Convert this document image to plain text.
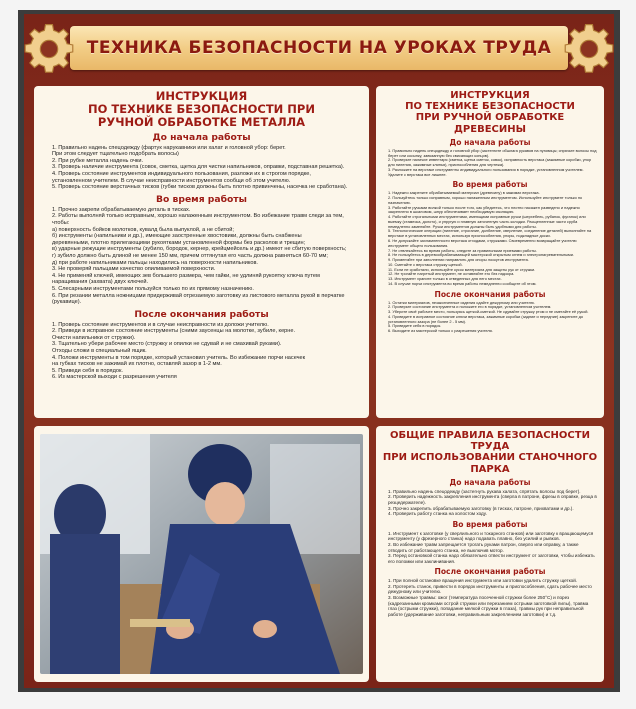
ТЕХНИКА БЕЗОПАСНОСТИ НА УРОКАХ ТРУДА
ИНСТРУКЦИЯ
ПО ТЕХНИКЕ БЕЗОПАСНОСТИ ПРИ
РУЧНОЙ ОБРАБОТКЕ МЕТАЛЛА
До начала работы
1. Правильно надень спецодежду (фартук нарукавники или халат и головной убор: берет.
При этом следует тщательно подобрать волосы)
2. При рубке металла надень очки.
3. Проверь наличие инструмента (совок, сметка, щетка для чистки напильников, оправки, подставная решетка).
4. Проверь состояние инструментов индивидуального пользования, разложи их в строгом порядке,
установленном учителем. В случае неисправности инструментов сообщи об этом учителю.
5. Проверь состояние верстачных тисков (губки тисков должны быть плотно привинчены, насечка не сработана).
Во время работы
1. Прочно закрепи обрабатываемую деталь в тисках.
2. Работы выполняй только исправным, хорошо налаженным инструментом. Во избежание травм следи за тем, чтобы:
а) поверхность бойков молотков, кувалд была выпуклой, а не сбитой;
б) инструменты (напильники и др.), имеющие заостренные хвостовики, должны быть снабжены
деревянными, плотно прилегающими рукоятками установленной формы без расколов и трещин;
в) ударные режущие инструменты (зубило, бородок, кернер, крейцмейсель и др.) имеют не сбитую поверхность;
г) зубило должно быть длиной не менее 150 мм, причем оттянутая его часть должна равняться 60-70 мм;
д) при работе напильниками пальцы находились на поверхности напильников.
3. Не проверяй пальцами качество опиливаемой поверхности.
4. Не применяй ключей, имеющих зев большего размера, чем гайки, не удлиняй рукоятку ключа путем
наращивания (захвата) двух ключей.
5. Слесарными инструментами пользуйся только по их прямому назначению.
6. При резании металла ножницами придерживай отрезаемую заготовку из листового металла рукой в перчатке (рукавице).
После окончания работы
1. Проверь состояние инструментов и в случае неисправности из доложи учителю.
2. Приведи в исправное состояние инструменты (сними заусенцы на молотке, зубиле, керне.
Очисти напильники от стружки).
3. Тщательно убери рабочее место (стружку и опилки не сдувай и не смахивай руками).
Отходы сложи в специальный ящик.
4. Положи инструменты в том порядке, который установил учитель. Во избежание порчи насечек
на губках тисков не зажимай их плотно, оставляй зазор в 1-2 мм.
5. Приведи себя в порядок.
6. Из мастерской выходи с разрешения учителя
ИНСТРУКЦИЯ
ПО ТЕХНИКЕ БЕЗОПАСНОСТИ
ПРИ РУЧНОЙ ОБРАБОТКЕ ДРЕВЕСИНЫ
До начала работы
1. Правильно надень спецодежду и головной убор (застегните обшлага рукавов на пуговицы; спрячьте волосы под берет или косынку, завязанную без свисающих концов).
2. Проверьте наличие инвентаря (сметка, щетка сметок, совок), исправность верстака (зажимные коробки, упор для пиления, зажимные клинья), приспособления для чертежа).
3. Разложите на верстаке инструменты индивидуального пользования в порядке, установленном учителем. Удалите с верстака все лишнее.
Во время работы
1. Надежно закрепите обрабатываемый материал (древесину) в зажимах верстака.
2. Пользуйтесь только исправным, хорошо налаженным инструментом. Используйте инструмент только по назначению.
3. Работайте ручками вилкой только после того, как убедитесь, что плотно насажен разведено и надежно закреплено в шкаловом, шнур обеспечивает необходимую изоляцию.
4. Работайте строгальными инструментами, имеющими исправные ручки (шерхебель, рубанок, фуганок) или выемку (стамеска, долото), и упругую и плавную заточенную часть колодки. Расщепленные части сруба немедленно заменяйте. Ручки инструментов должны быть удобными для работы.
5. Технологические операции (пиление, строгание, долбление, сверление, соединение деталей) выполняйте на верстаке в установленных местах, используя приспособления, упоры, подкладные доски.
6. Не допускайте захламленности верстака отходами, стружками. Своевременно возвращайте учителю инструмент общего пользования.
7. Не отвлекайтесь во время работы, следите за правильными приемами работы.
8. Не пользуйтесь в деревообрабатывающей мастерской открытым огнем и электронагревательными.
9. Применяйте при заполнении направлять для опоры лоскутов инструмента.
10. Сметайте с верстака стружку щеткой.
11. Если не сработали, используйте кусок материала для защиты рук от стружки.
12. Не трогайте нагретый инструмент, не оставляйте его без надзора.
13. Инструмент храните только в отведенных для него местах.
14. В случае порчи инструмента во время работы немедленно сообщите об этом.
После окончания работы
1. Остатки материалов, незаконченные изделия сдайте дежурному или учителю.
2. Проверьте состояние инструмента и положите его в порядке, установленном учителем.
3. Уберите своё рабочее место, пользуясь щеткой-сметкой. Не сдувайте стружку ртом и не сметайте её рукой.
4. Приведите в исправное состояние ключи верстака, зажимные коробки (задние и передние) закрепите до установленного зазора (не более 2 - 5 мм).
5. Приведите себя в порядок.
6. Выходите из мастерской только с разрешения учителя.
ОБЩИЕ ПРАВИЛА БЕЗОПАСНОСТИ ТРУДА
ПРИ ИСПОЛЬЗОВАНИИ СТАНОЧНОГО ПАРКА
До начала работы
1. Правильно надень спецодежду (застегнуть рукава халата, спрятать волосы под берет).
2. Проверить надежность закрепления инструмента (сверла в патроне, фрезы в оправке, резца в резцедержателе).
3. Прочно закрепить обрабатываемую заготовку (в тисках, патроне, прихватами и др.).
4. Проверить работу станка на холостом ходу.
Во время работы
1. Инструмент к заготовке (у сверлильного и токарного станков) или заготовку к вращающемуся инструменту (у фрезерного станка) надо подавать плавно, без усилий и рывков.
2. Во избежание травм запрещается трогать руками патрон, сверло или оправку, а также отводить от работающего станка, не выключив мотор.
3. Перед остановкой станка надо обязательно отвести инструмент от заготовки, чтобы избежать его поломки или заклинивания.
После окончания работы
1. При полной остановке вращения инструмента или заготовки удалить стружку щеткой.
2. Протереть станок, привести в порядок инструменты и приспособления, сдать рабочее место дежурному или учителю.
3. Возможные травмы: ожог (температура посеченной стружки более 250°С) и порез (кадрезанными кромками острой стружки или перезанием острыми заготовкой пилы), травма глаз (острыми стружки), попадание мелкой стружки в глаза), травмы рук при неправильной работе (удерживание заготовки, неправильным закреплением заготовки) и т.д.
